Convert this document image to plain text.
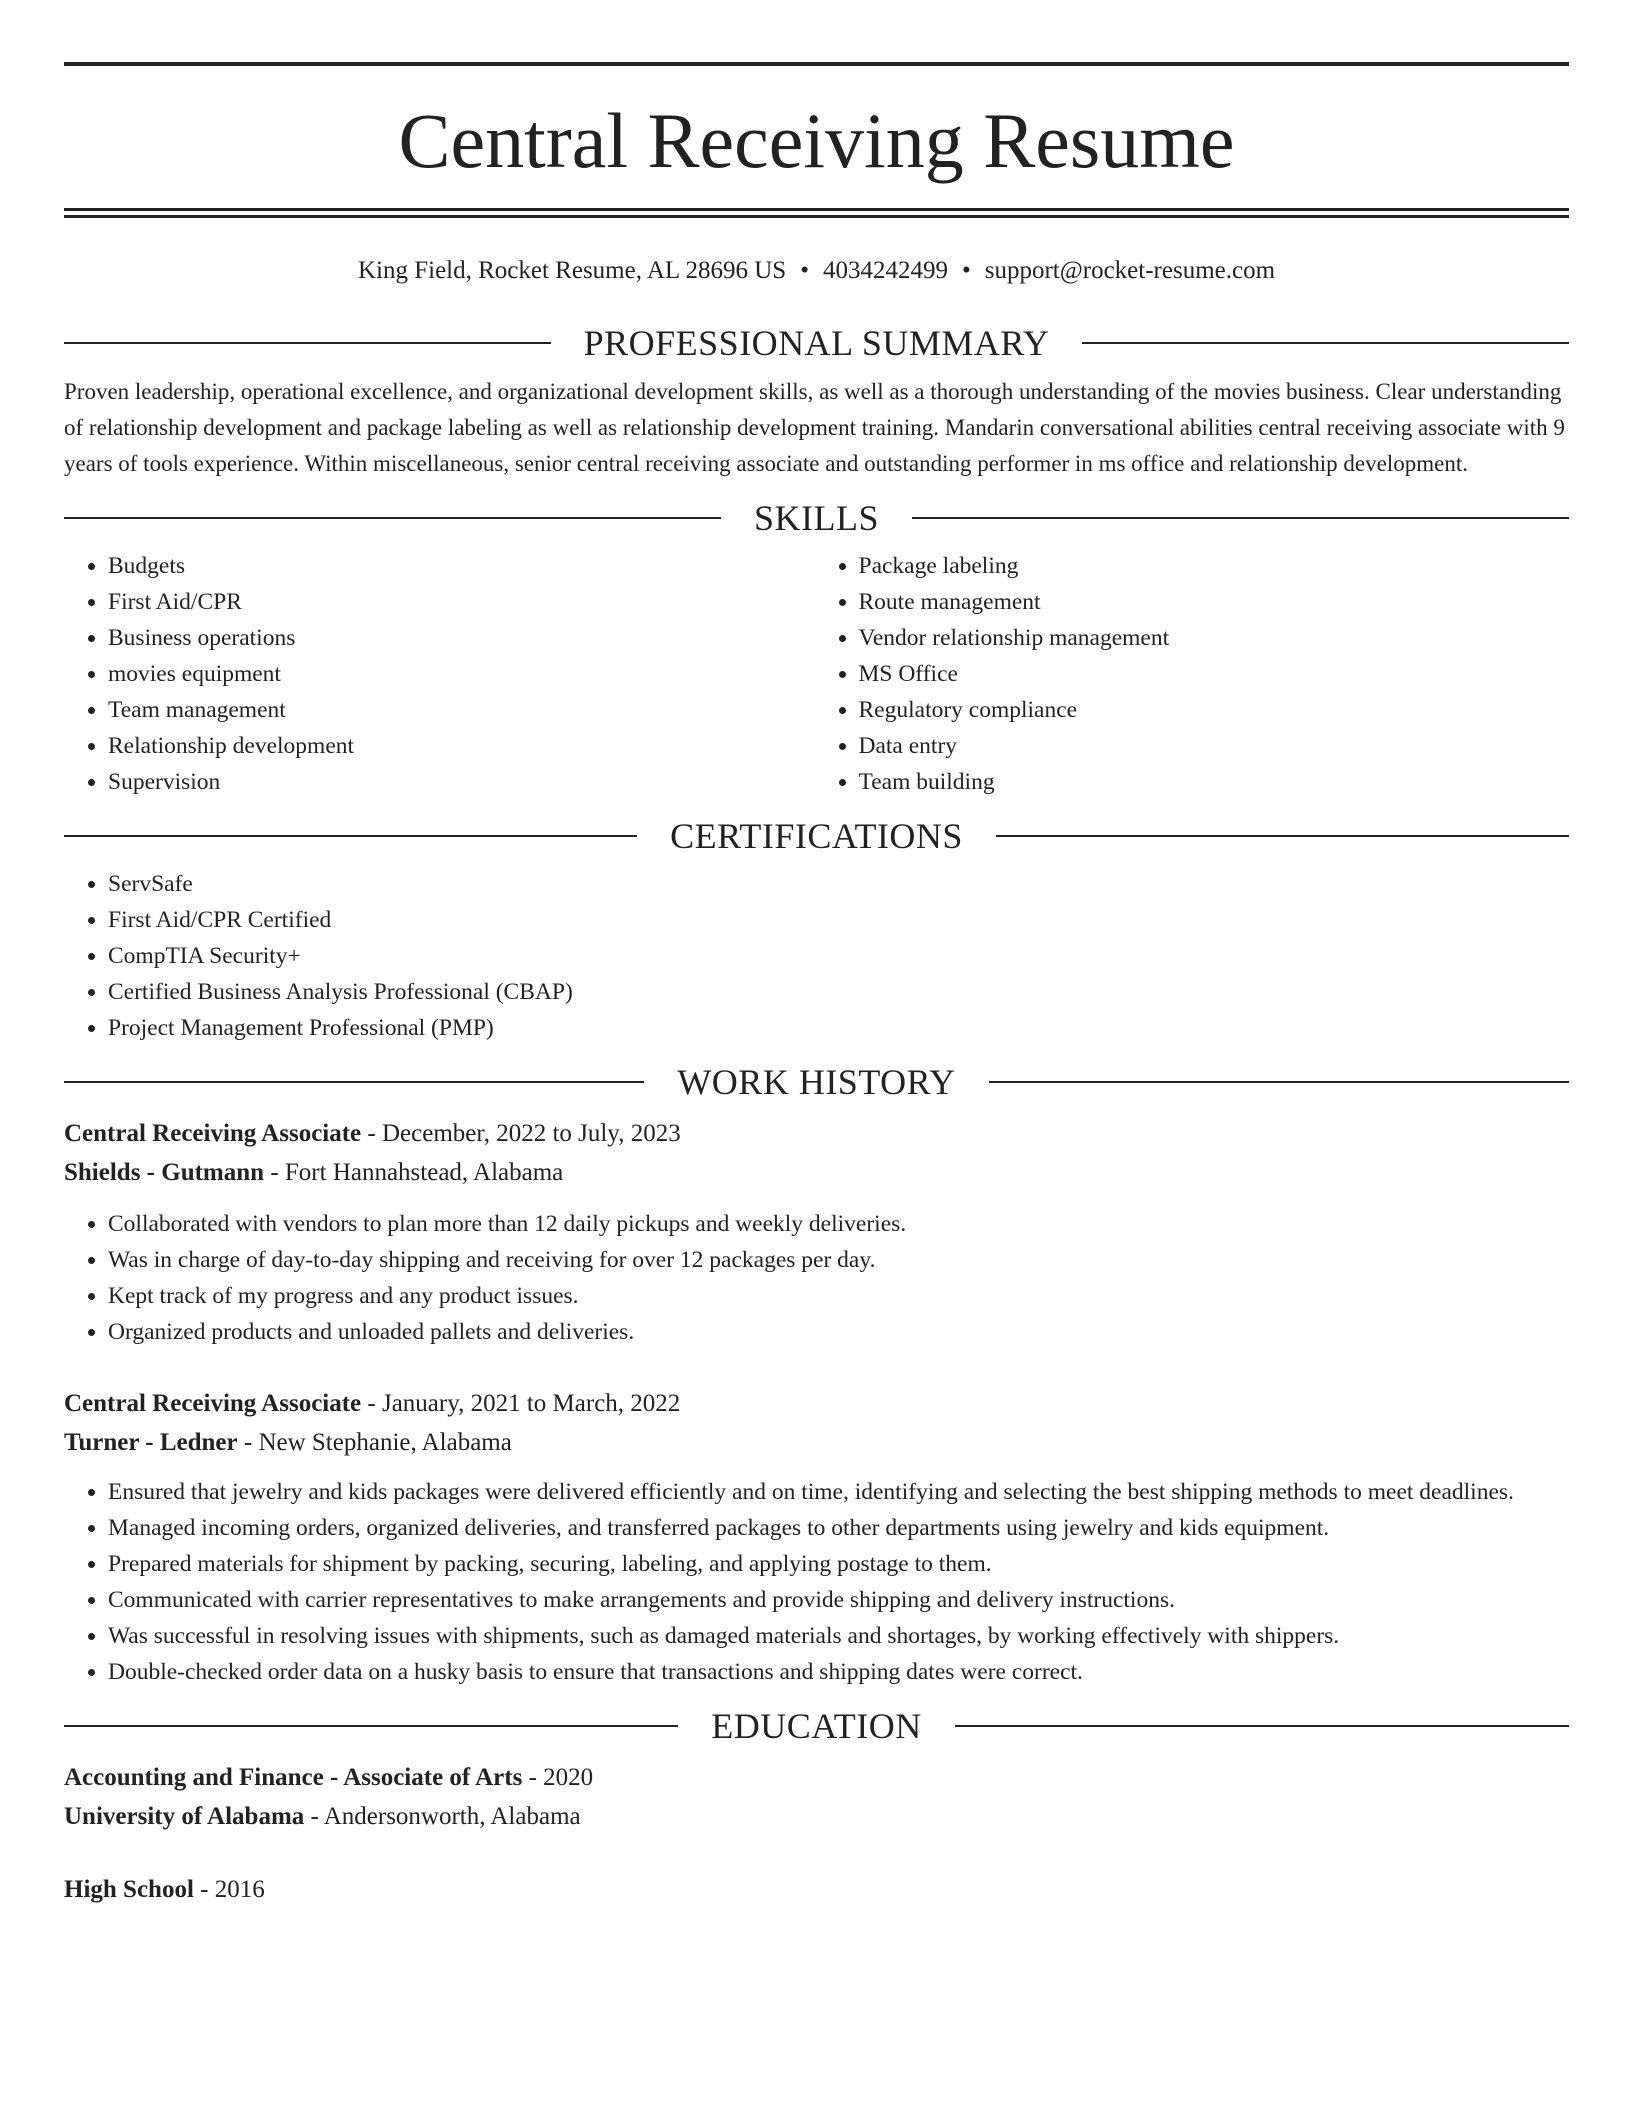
Central Receiving Resume
King Field, Rocket Resume, AL 28696 US • 4034242499 • support@rocket-resume.com
PROFESSIONAL SUMMARY

Proven leadership, operational excellence, and organizational development skills, as well as a thorough understanding of the movies business. Clear understanding of relationship development and package labeling as well as relationship development training. Mandarin conversational abilities central receiving associate with 9 years of tools experience. Within miscellaneous, senior central receiving associate and outstanding performer in ms office and relationship development.

SKILLS
• Budgets
• First Aid/CPR
• Business operations
• movies equipment
• Team management
• Relationship development
• Supervision
• Package labeling
• Route management
• Vendor relationship management
• MS Office
• Regulatory compliance
• Data entry
• Team building
CERTIFICATIONS
• ServSafe
• First Aid/CPR Certified
• CompTIA Security+
• Certified Business Analysis Professional (CBAP)
• Project Management Professional (PMP)
WORK HISTORY
Central Receiving Associate - December, 2022 to July, 2023
Shields - Gutmann - Fort Hannahstead, Alabama
• Collaborated with vendors to plan more than 12 daily pickups and weekly deliveries.
• Was in charge of day-to-day shipping and receiving for over 12 packages per day.
• Kept track of my progress and any product issues.
• Organized products and unloaded pallets and deliveries.
Central Receiving Associate - January, 2021 to March, 2022
Turner - Ledner - New Stephanie, Alabama
• Ensured that jewelry and kids packages were delivered efficiently and on time, identifying and selecting the best shipping methods to meet deadlines.
• Managed incoming orders, organized deliveries, and transferred packages to other departments using jewelry and kids equipment.
• Prepared materials for shipment by packing, securing, labeling, and applying postage to them.
• Communicated with carrier representatives to make arrangements and provide shipping and delivery instructions.
• Was successful in resolving issues with shipments, such as damaged materials and shortages, by working effectively with shippers.
• Double-checked order data on a husky basis to ensure that transactions and shipping dates were correct.
EDUCATION
Accounting and Finance - Associate of Arts - 2020
University of Alabama - Andersonworth, Alabama
High School - 2016
